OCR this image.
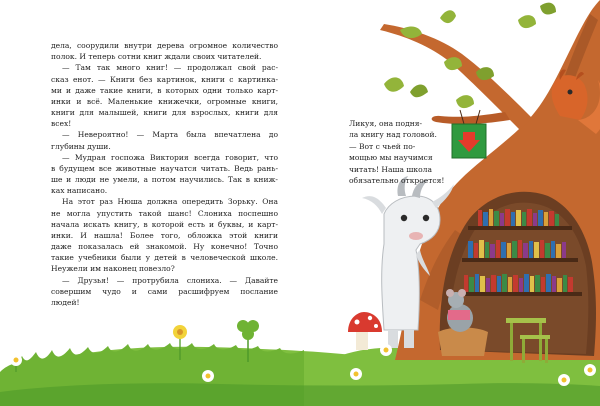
дела, соорудили внутри дерева огромное количество
полок. И теперь сотни книг ждали своих читателей.
— Там так много книг! — продолжал свой рас-
сказ енот. — Книги без картинок, книги с картинка-
ми и даже такие книги, в которых одни только карт-
инки и всё. Маленькие книжечки, огромные книги,
книги для малышей, книги для взрослых, книги для
всех!
— Невероятно! — Марта была впечатлена до
глубины души.
— Мудрая госпожа Виктория всегда говорит, что
в будущем все животные научатся читать. Ведь рань-
ше и люди не умели, а потом научились. Так в книж-
ках написано.
На этот раз Нюша должна опередить Зорьку. Она
не могла упустить такой шанс! Слониха поспешно
начала искать книгу, в которой есть и буквы, и карт-
инки. И нашла! Более того, обложка этой книги
даже показалась ей знакомой. Ну конечно! Точно
такие учебники были у детей в человеческой школе.
Неужели им наконец повезло?
— Друзья! — протрубила слониха. — Давайте
совершим чудо и сами расшифруем послание
людей!
Ликуя, она подня-
ла книгу над головой.
— Вот с чьей по-
мощью мы научимся
читать! Наша школа
обязательно откроется!
